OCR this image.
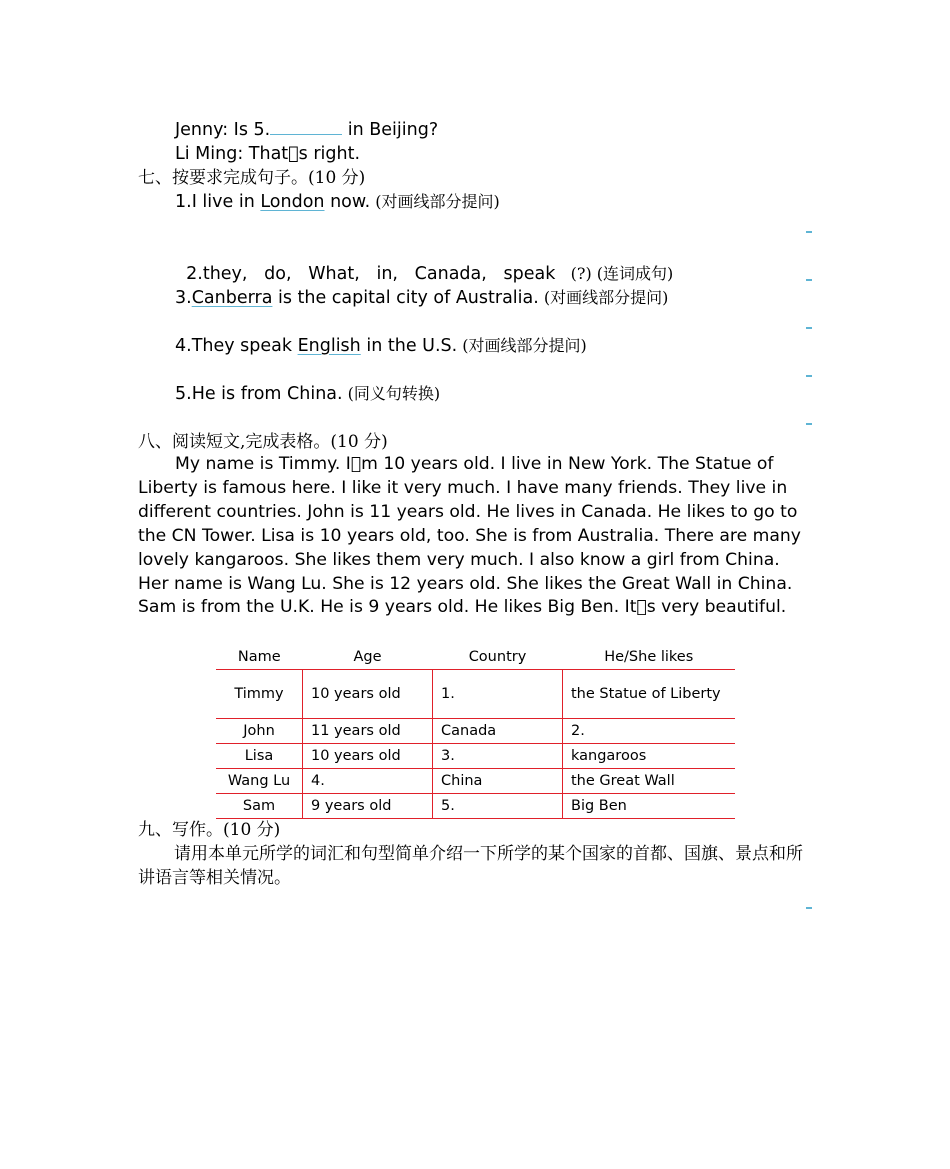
Jenny: Is 5.	in Beijing?
Li Ming: That s right.
七、按要求完成句子。(10 分)
1.I live in London now. (对画线部分提问)

2.they,   do,   What,   in,   Canada,   speak   (?) (连词成句)

3.Canberra is the capital city of Australia. (对画线部分提问)
4.They speak English in the U.S. (对画线部分提问)
5.He is from China. (同义句转换)
八、阅读短文,完成表格。(10 分)
My name is Timmy. I m 10 years old. I live in New York. The Statue of Liberty is famous here. I like it very much. I have many friends. They live in different countries. John is 11 years old. He lives in Canada. He likes to go to the CN Tower. Lisa is 10 years old, too. She is from Australia. There are many lovely kangaroos. She likes them very much. I also know a girl from China. Her name is Wang Lu. She is 12 years old. She likes the Great Wall in China. Sam is from the U.K. He is 9 years old. He likes Big Ben. It s very beautiful.
Name	Age	Country	He/She likes
Timmy	10 years old	1.	the Statue of Liberty
John	11 years old	Canada	2.
Lisa	10 years old	3.	kangaroos
Wang Lu	4.	China	the Great Wall
Sam	9 years old	5.	Big Ben
九、写作。(10 分)
请用本单元所学的词汇和句型简单介绍一下所学的某个国家的首都、国旗、景点和所讲语言等相关情况。
